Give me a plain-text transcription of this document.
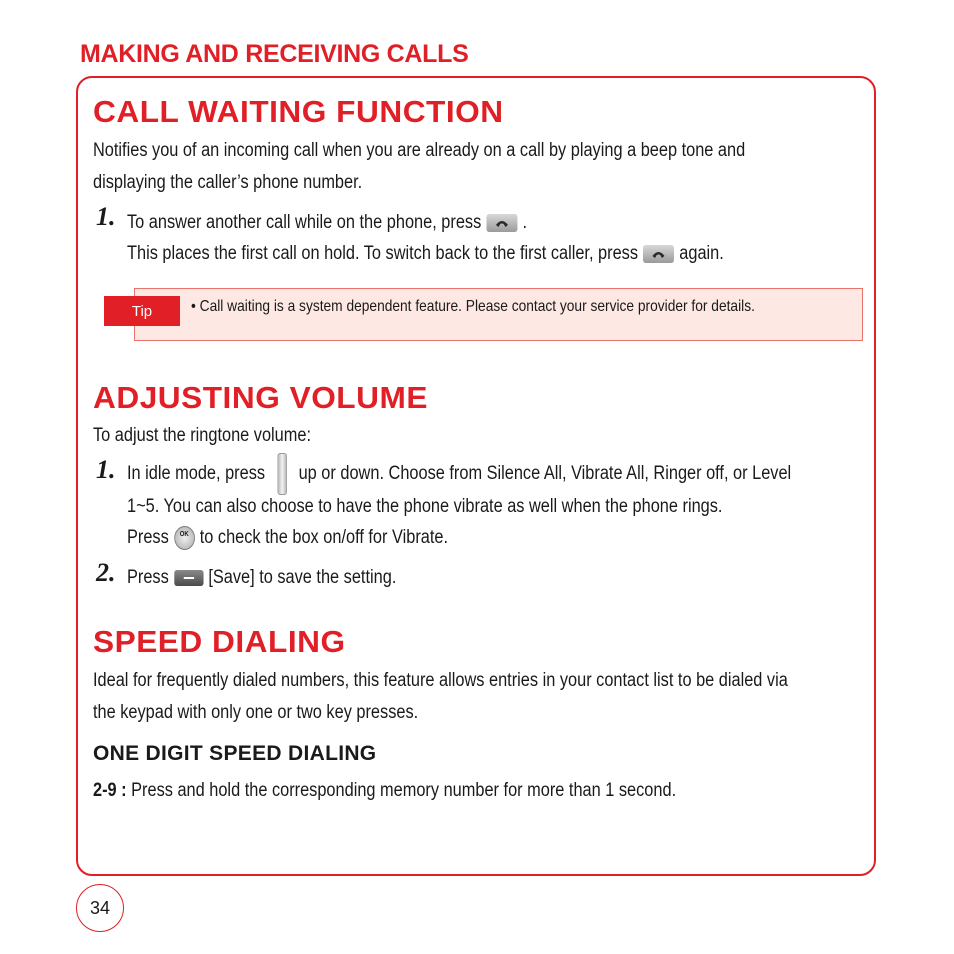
MAKING AND RECEIVING CALLS
CALL WAITING FUNCTION
Notifies you of an incoming call when you are already on a call by playing a beep tone and
displaying the caller’s phone number.
1. To answer another call while on the phone, press .
This places the first call on hold. To switch back to the first caller, press again.
Tip	• Call waiting is a system dependent feature. Please contact your service provider for details.
ADJUSTING VOLUME
To adjust the ringtone volume:
1. In idle mode, press up or down. Choose from Silence All, Vibrate All, Ringer off, or Level
1~5. You can also choose to have the phone vibrate as well when the phone rings.
Press	OK to check the box on/off for Vibrate.
2. Press [Save] to save the setting.
SPEED DIALING
Ideal for frequently dialed numbers, this feature allows entries in your contact list to be dialed via
the keypad with only one or two key presses.
ONE DIGIT SPEED DIALING
2-9 : Press and hold the corresponding memory number for more than 1 second.
34
